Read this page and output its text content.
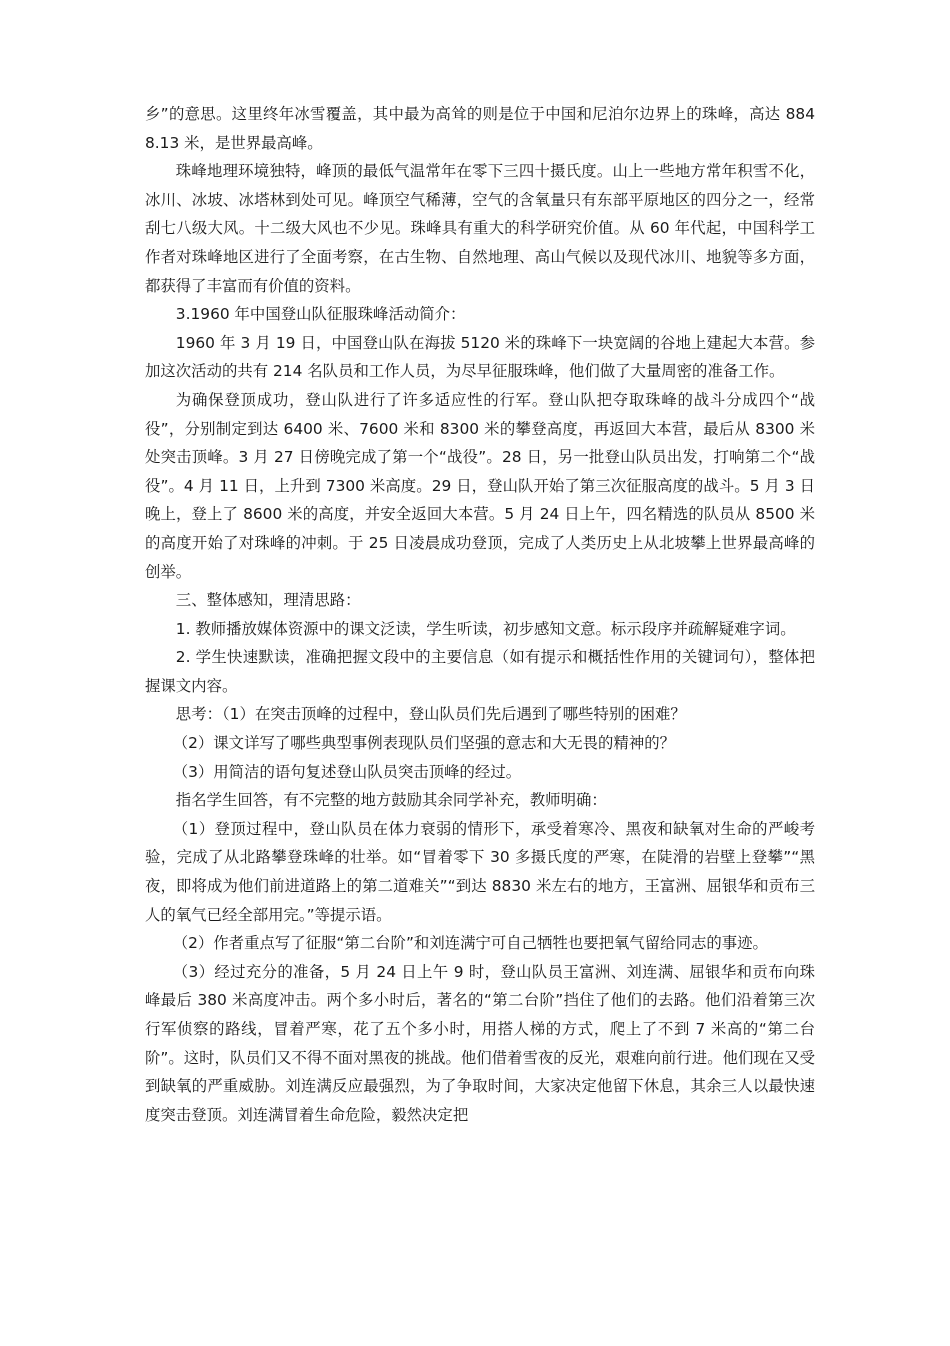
乡”的意思。这里终年冰雪覆盖，其中最为高耸的则是位于中国和尼泊尔边界上的珠峰，高达 8848.13 米，是世界最高峰。

珠峰地理环境独特，峰顶的最低气温常年在零下三四十摄氏度。山上一些地方常年积雪不化，冰川、冰坡、冰塔林到处可见。峰顶空气稀薄，空气的含氧量只有东部平原地区的四分之一，经常刮七八级大风。十二级大风也不少见。珠峰具有重大的科学研究价值。从 60 年代起，中国科学工作者对珠峰地区进行了全面考察，在古生物、自然地理、高山气候以及现代冰川、地貌等多方面，都获得了丰富而有价值的资料。

3.1960 年中国登山队征服珠峰活动简介：

1960 年 3 月 19 日，中国登山队在海拔 5120 米的珠峰下一块宽阔的谷地上建起大本营。参加这次活动的共有 214 名队员和工作人员，为尽早征服珠峰，他们做了大量周密的准备工作。

为确保登顶成功，登山队进行了许多适应性的行军。登山队把夺取珠峰的战斗分成四个“战役”，分别制定到达 6400 米、7600 米和 8300 米的攀登高度，再返回大本营，最后从 8300 米处突击顶峰。3 月 27 日傍晚完成了第一个“战役”。28 日，另一批登山队员出发，打响第二个“战役”。4 月 11 日，上升到 7300 米高度。29 日，登山队开始了第三次征服高度的战斗。5 月 3 日晚上，登上了 8600 米的高度，并安全返回大本营。5 月 24 日上午，四名精选的队员从 8500 米的高度开始了对珠峰的冲刺。于 25 日凌晨成功登顶，完成了人类历史上从北坡攀上世界最高峰的创举。

三、整体感知，理清思路：

1. 教师播放媒体资源中的课文泛读，学生听读，初步感知文意。标示段序并疏解疑难字词。

2. 学生快速默读，准确把握文段中的主要信息（如有提示和概括性作用的关键词句），整体把握课文内容。

思考：（1）在突击顶峰的过程中，登山队员们先后遇到了哪些特别的困难？

（2）课文详写了哪些典型事例表现队员们坚强的意志和大无畏的精神的？

（3）用简洁的语句复述登山队员突击顶峰的经过。

指名学生回答，有不完整的地方鼓励其余同学补充，教师明确：

（1）登顶过程中，登山队员在体力衰弱的情形下，承受着寒冷、黑夜和缺氧对生命的严峻考验，完成了从北路攀登珠峰的壮举。如“冒着零下 30 多摄氏度的严寒，在陡滑的岩壁上登攀”“黑夜，即将成为他们前进道路上的第二道难关”“到达 8830 米左右的地方，王富洲、屈银华和贡布三人的氧气已经全部用完。”等提示语。

（2）作者重点写了征服“第二台阶”和刘连满宁可自己牺牲也要把氧气留给同志的事迹。

（3）经过充分的准备，5 月 24 日上午 9 时，登山队员王富洲、刘连满、屈银华和贡布向珠峰最后 380 米高度冲击。两个多小时后，著名的“第二台阶”挡住了他们的去路。他们沿着第三次行军侦察的路线，冒着严寒，花了五个多小时，用搭人梯的方式，爬上了不到 7 米高的“第二台阶”。这时，队员们又不得不面对黑夜的挑战。他们借着雪夜的反光，艰难向前行进。他们现在又受到缺氧的严重威胁。刘连满反应最强烈，为了争取时间，大家决定他留下休息，其余三人以最快速度突击登顶。刘连满冒着生命危险，毅然决定把
